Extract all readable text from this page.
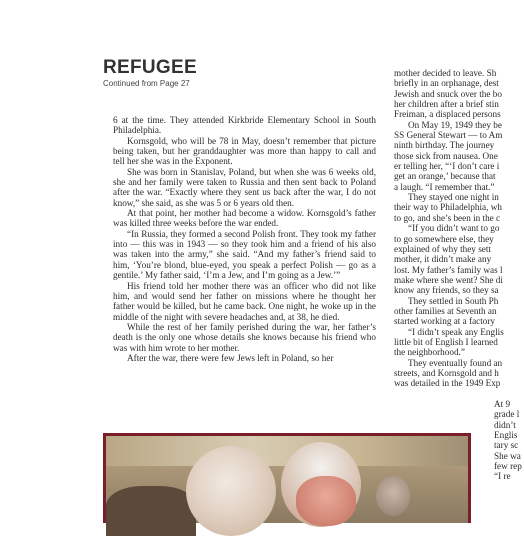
REFUGEE
Continued from Page 27

6 at the time. They attended Kirkbride Elementary School in South Philadelphia.

Kornsgold, who will be 78 in May, doesn’t remember that picture being taken, but her granddaughter was more than happy to call and tell her she was in the Exponent.

She was born in Stanislav, Poland, but when she was 6 weeks old, she and her family were taken to Russia and then sent back to Poland after the war. “Exactly where they sent us back after the war, I do not know,” she said, as she was 5 or 6 years old then.

At that point, her mother had become a widow. Kornsgold’s father was killed three weeks before the war ended.

“In Russia, they formed a second Polish front. They took my father into — this was in 1943 — so they took him and a friend of his also was taken into the army,” she said. “And my father’s friend said to him, ‘You’re blond, blue-eyed, you speak a perfect Polish — go as a gentile.’ My father said, ‘I’m a Jew, and I’m going as a Jew.’”

His friend told her mother there was an officer who did not like him, and would send her father on missions where he thought her father would be killed, but he came back. One night, he woke up in the middle of the night with severe headaches and, at 38, he died.

While the rest of her family perished during the war, her father’s death is the only one whose details she knows because his friend who was with him wrote to her mother.

After the war, there were few Jews left in Poland, so her

mother decided to leave. Sh

briefly in an orphanage, dest

Jewish and snuck over the bo

her children after a brief stin

Freiman, a displaced persons

On May 19, 1949 they be

SS General Stewart — to Am

ninth birthday. The journey

those sick from nausea. One

er telling her, “‘I don’t care i

get an orange,’ because that

a laugh. “I remember that.”

They stayed one night in

their way to Philadelphia, wh

to go, and she’s been in the c

“If you didn’t want to go

to go somewhere else, they

explained of why they sett

mother, it didn’t make any

lost. My father’s family was l

make where she went? She di

know any friends, so they sa

They settled in South Ph

other families at Seventh an

started working at a factory

“I didn’t speak any Englis

little bit of English I learned

the neighborhood.”

They eventually found an

streets, and Kornsgold and h

was detailed in the 1949 Exp

At 9

grade l

didn’t

Englis

tary sc

She wa

few rep

“I re
